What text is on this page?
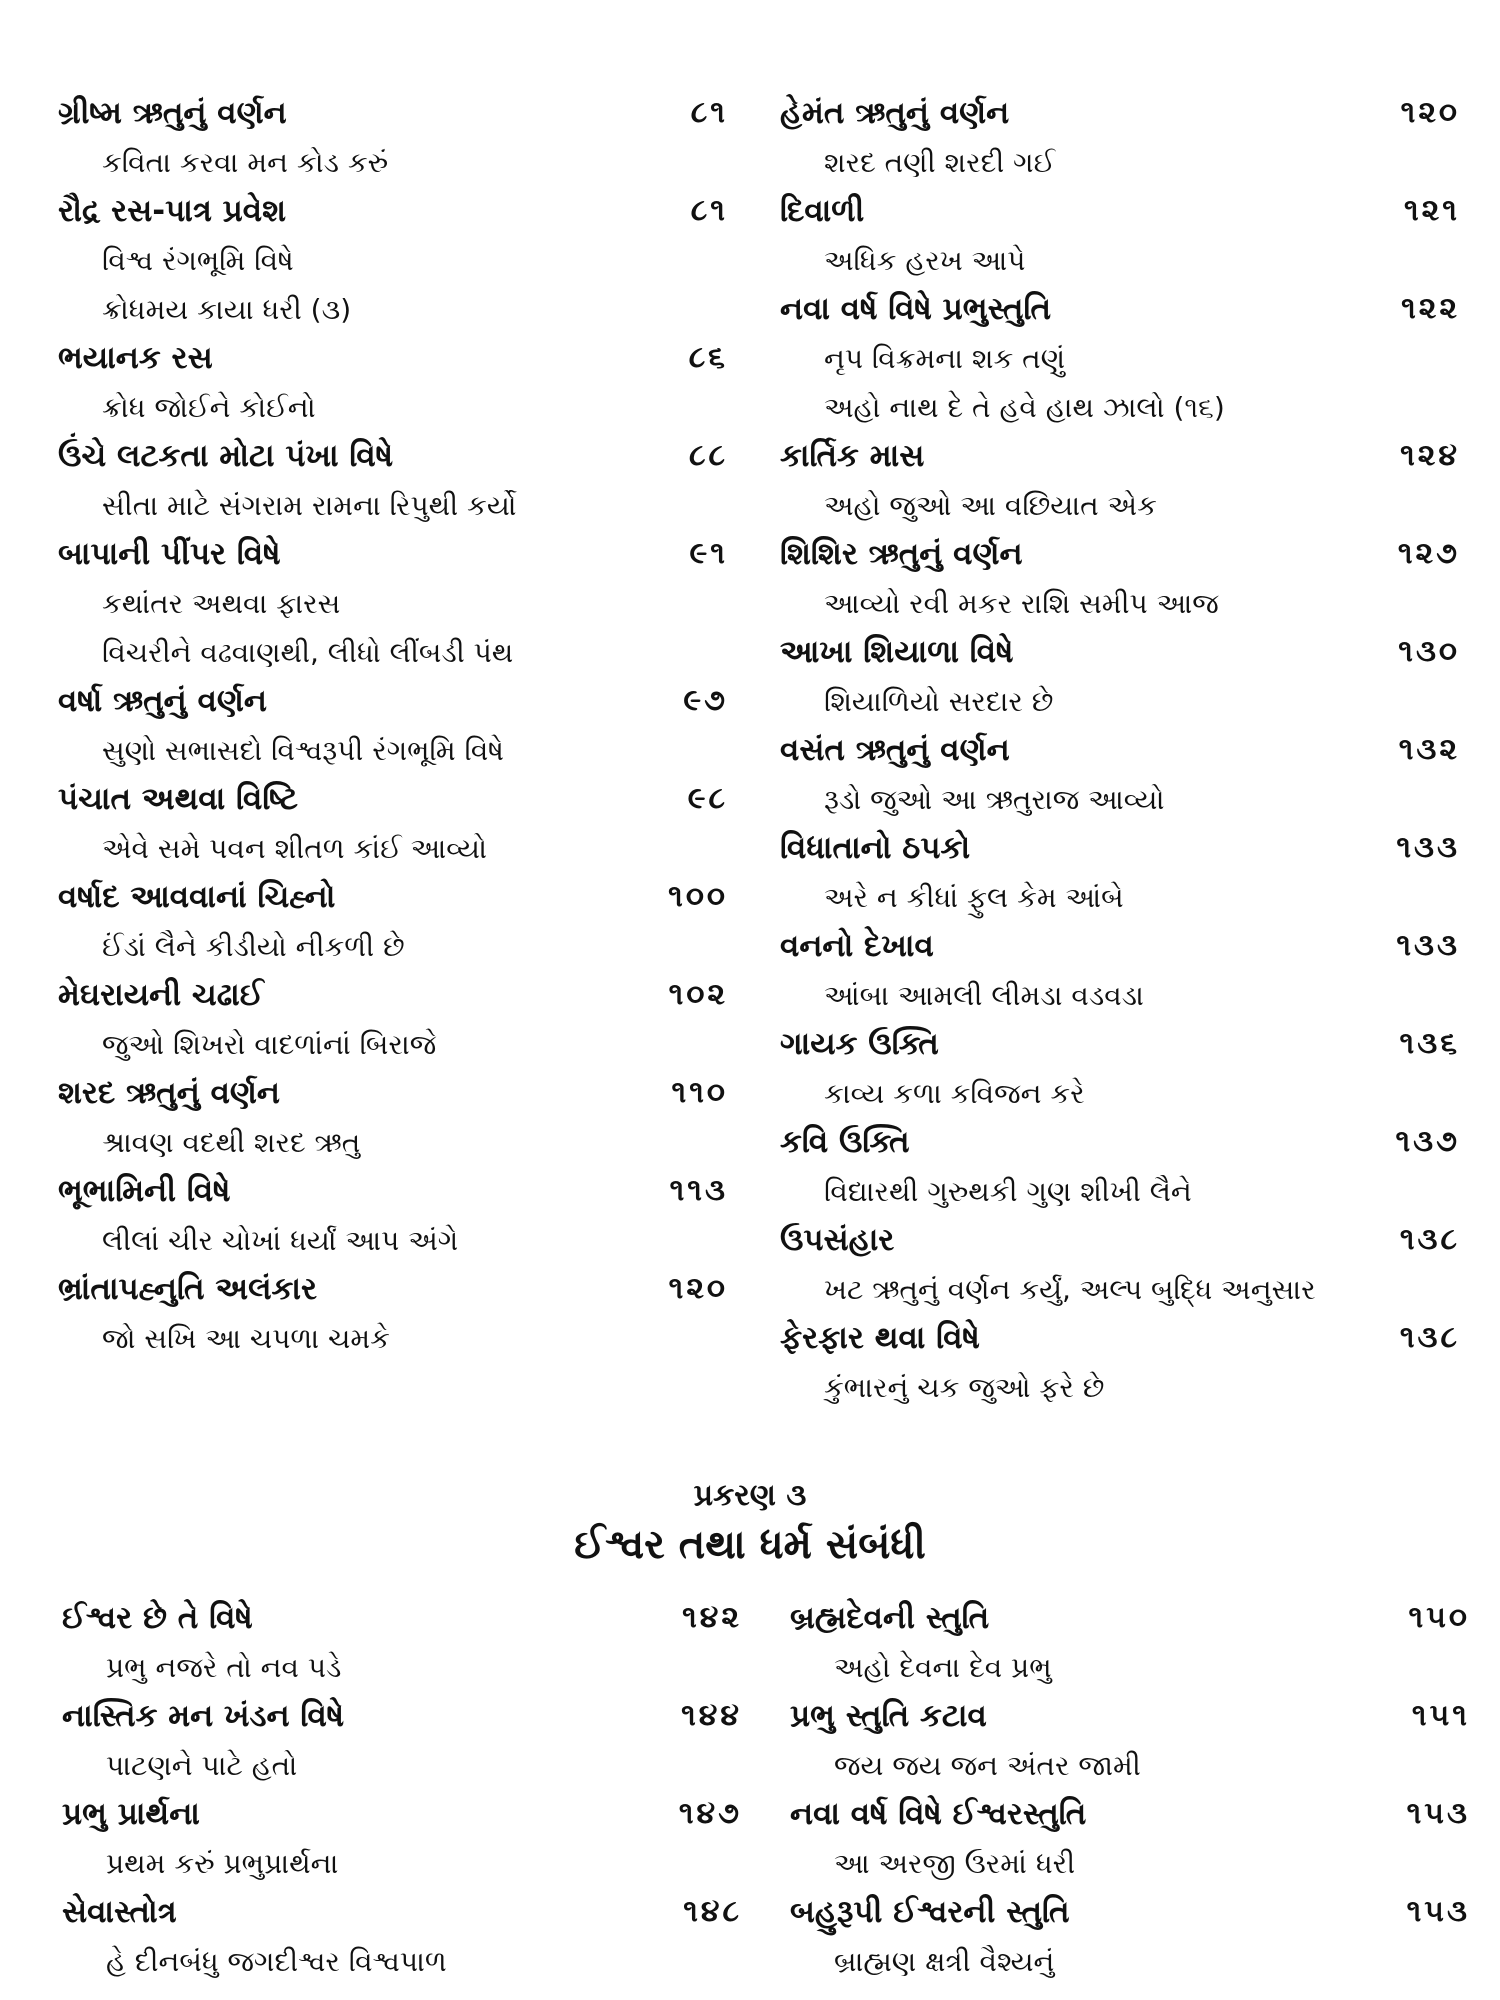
ગ્રીષ્મ ઋતુનું વર્ણન	૮૧
કવિતા કરવા મન કોડ કરું
રૌદ્ર રસ-પાત્ર પ્રવેશ	૮૧
વિશ્વ રંગભૂમિ વિષે
ક્રોધમય કાયા ધરી (૩)
ભયાનક રસ	૮૬
ક્રોધ જોઈને કોઈનો
ઉંચે લટકતા મોટા પંખા વિષે	૮૮
સીતા માટે સંગરામ રામના રિપુથી કર્યો
બાપાની પીંપર વિષે	૯૧
કથાંતર અથવા ફારસ
વિચરીને વઢવાણથી, લીધો લીંબડી પંથ
વર્ષા ઋતુનું વર્ણન	૯૭
સુણો સભાસદો વિશ્વરૂપી રંગભૂમિ વિષે
પંચાત અથવા વિષ્ટિ	૯૮
એવે સમે પવન શીતળ કાંઈ આવ્યો
વર્ષાદ આવવાનાં ચિહ્નો	૧૦૦
ઈંડાં લૈને કીડીયો નીકળી છે
મેઘરાયની ચઢાઈ	૧૦૨
જુઓ શિખરો વાદળાંનાં બિરાજે
શરદ ઋતુનું વર્ણન	૧૧૦
શ્રાવણ વદથી શરદ ઋતુ
ભૂભામિની વિષે	૧૧૩
લીલાં ચીર ચોખાં ધર્યાં આપ અંગે
ભ્રાંતાપહ્નુતિ અલંકાર	૧૨૦
જો સખિ આ ચપળા ચમકે
હેમંત ઋતુનું વર્ણન	૧૨૦
શરદ તણી શરદી ગઈ
દિવાળી	૧૨૧
અધિક હરખ આપે
નવા વર્ષ વિષે પ્રભુસ્તુતિ	૧૨૨
નૃપ વિક્રમના શક તણું
અહો નાથ દે તે હવે હાથ ઝાલો (૧૬)
કાર્તિક માસ	૧૨૪
અહો જુઓ આ વછિયાત એક
શિશિર ઋતુનું વર્ણન	૧૨૭
આવ્યો રવી મકર રાશિ સમીપ આજ
આખા શિયાળા વિષે	૧૩૦
શિયાળિયો સરદાર છે
વસંત ઋતુનું વર્ણન	૧૩૨
રૂડો જુઓ આ ઋતુરાજ આવ્યો
વિધાતાનો ઠપકો	૧૩૩
અરે ન કીધાં ફુલ કેમ આંબે
વનનો દેખાવ	૧૩૩
આંબા આમલી લીમડા વડવડા
ગાયક ઉક્તિ	૧૩૬
કાવ્ય કળા કવિજન કરે
કવિ ઉક્તિ	૧૩૭
વિદ્યારથી ગુરુથકી ગુણ શીખી લૈને
ઉપસંહાર	૧૩૮
ખટ ઋતુનું વર્ણન કર્યું, અલ્પ બુદ્ધિ અનુસાર
ફેરફાર થવા વિષે	૧૩૮
કુંભારનું ચક જુઓ ફરે છે
પ્રકરણ ૩
ઈશ્વર તથા ધર્મ સંબંધી
ઈશ્વર છે તે વિષે	૧૪૨
પ્રભુ નજરે તો નવ પડે
નાસ્તિક મન ખંડન વિષે	૧૪૪
પાટણને પાટે હતો
પ્રભુ પ્રાર્થના	૧૪૭
પ્રથમ કરું પ્રભુપ્રાર્થના
સેવાસ્તોત્ર	૧૪૮
હે દીનબંધુ જગદીશ્વર વિશ્વપાળ
બ્રહ્મદેવની સ્તુતિ	૧૫૦
અહો દેવના દેવ પ્રભુ
પ્રભુ સ્તુતિ કટાવ	૧૫૧
જય જય જન અંતર જામી
નવા વર્ષ વિષે ઈશ્વરસ્તુતિ	૧૫૩
આ અરજી ઉરમાં ધરી
બહુરૂપી ઈશ્વરની સ્તુતિ	૧૫૩
બ્રાહ્મણ ક્ષત્રી વૈશ્યનું
